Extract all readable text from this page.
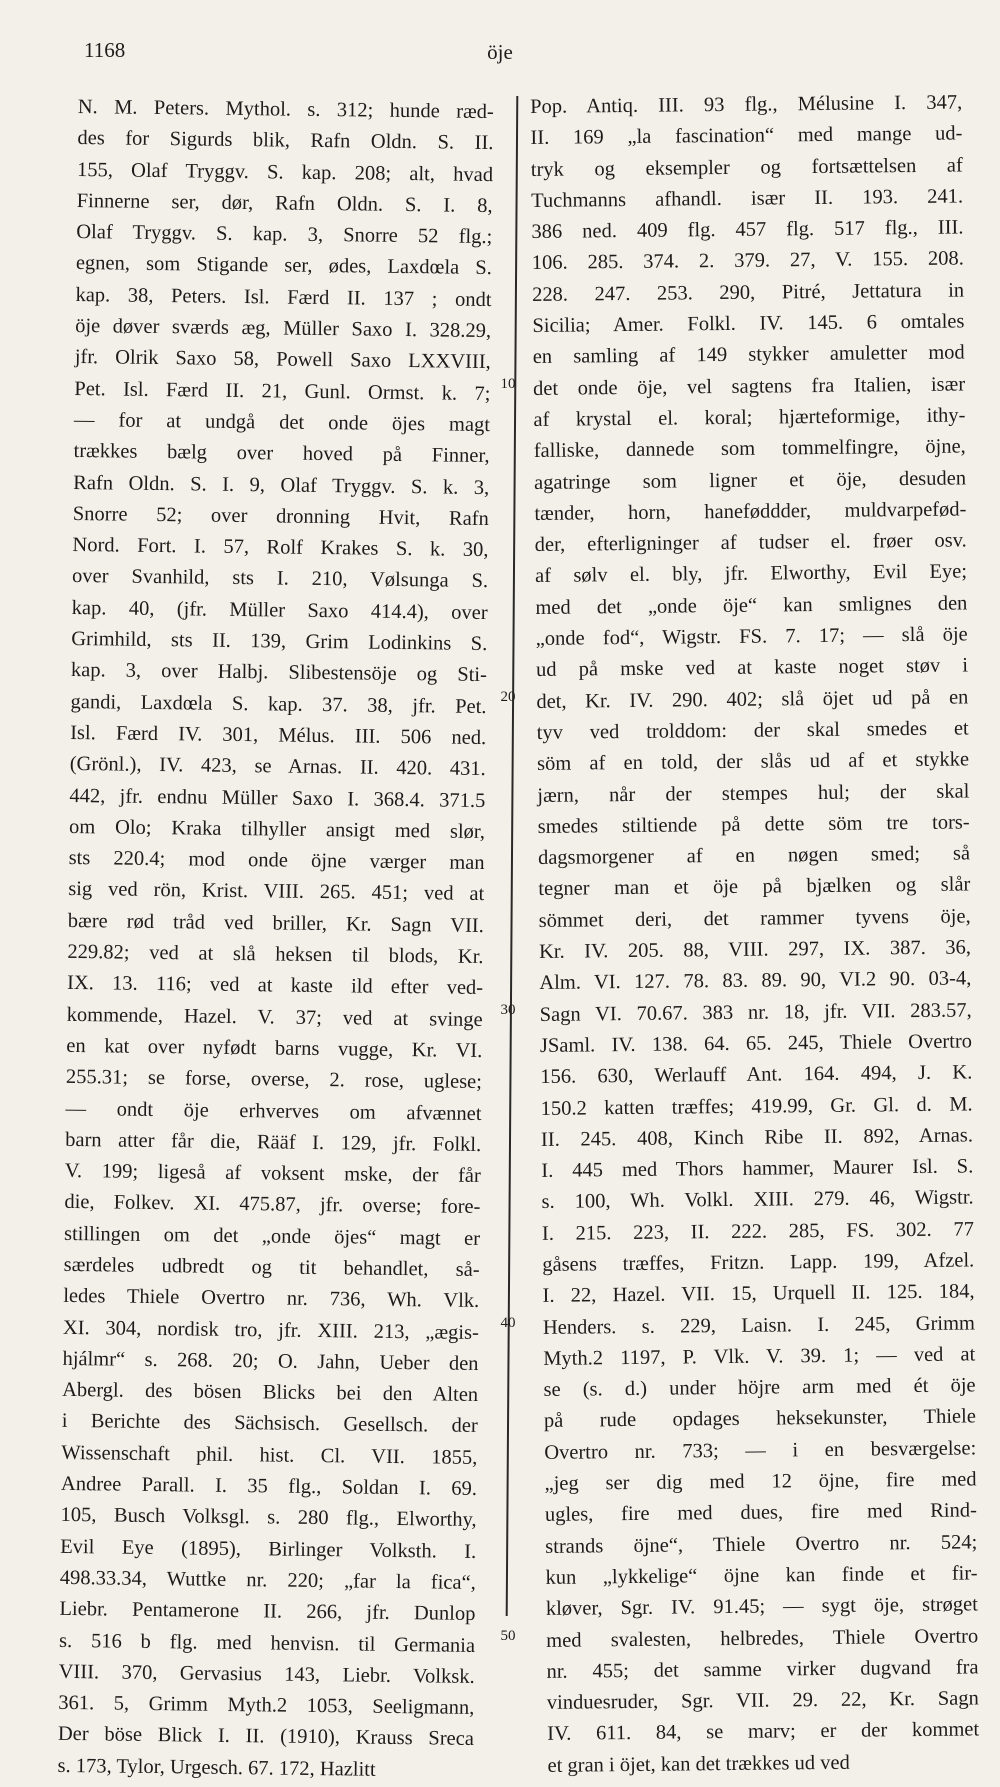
1168	öje
N. M. Peters. Mythol. s. 312; hunde ræd-
des for Sigurds blik, Rafn Oldn. S. II.
155, Olaf Tryggv. S. kap. 208; alt, hvad
Finnerne ser, dør, Rafn Oldn. S. I. 8,
Olaf Tryggv. S. kap. 3, Snorre 52 flg.;
egnen, som Stigande ser, ødes, Laxdœla S.
kap. 38, Peters. Isl. Færd II. 137 ; ondt
öje døver sværds æg, Müller Saxo I. 328.29,
jfr. Olrik Saxo 58, Powell Saxo LXXVIII,
Pet. Isl. Færd II. 21, Gunl. Ormst. k. 7;
— for at undgå det onde öjes magt
trækkes bælg over hoved på Finner,
Rafn Oldn. S. I. 9, Olaf Tryggv. S. k. 3,
Snorre 52; over dronning Hvit, Rafn
Nord. Fort. I. 57, Rolf Krakes S. k. 30,
over Svanhild, sts I. 210, Vølsunga S.
kap. 40, (jfr. Müller Saxo 414.4), over
Grimhild, sts II. 139, Grim Lodinkins S.
kap. 3, over Halbj. Slibestensöje og Sti-
gandi, Laxdœla S. kap. 37. 38, jfr. Pet.
Isl. Færd IV. 301, Mélus. III. 506 ned.
(Grönl.), IV. 423, se Arnas. II. 420. 431.
442, jfr. endnu Müller Saxo I. 368.4. 371.5
om Olo; Kraka tilhyller ansigt med slør,
sts 220.4; mod onde öjne værger man
sig ved rön, Krist. VIII. 265. 451; ved at
bære rød tråd ved briller, Kr. Sagn VII.
229.82; ved at slå heksen til blods, Kr.
IX. 13. 116; ved at kaste ild efter ved-
kommende, Hazel. V. 37; ved at svinge
en kat over nyfødt barns vugge, Kr. VI.
255.31; se forse, overse, 2. rose, uglese;
— ondt öje erhverves om afvænnet
barn atter får die, Rääf I. 129, jfr. Folkl.
V. 199; ligeså af voksent mske, der får
die, Folkev. XI. 475.87, jfr. overse; fore-
stillingen om det „onde öjes“ magt er
særdeles udbredt og tit behandlet, så-
ledes Thiele Overtro nr. 736, Wh. Vlk.
XI. 304, nordisk tro, jfr. XIII. 213, „ægis-
hjálmr“ s. 268. 20; O. Jahn, Ueber den
Abergl. des bösen Blicks bei den Alten
i Berichte des Sächsisch. Gesellsch. der
Wissenschaft phil. hist. Cl. VII. 1855,
Andree Parall. I. 35 flg., Soldan I. 69.
105, Busch Volksgl. s. 280 flg., Elworthy,
Evil Eye (1895), Birlinger Volksth. I.
498.33.34, Wuttke nr. 220; „far la fica“,
Liebr. Pentamerone II. 266, jfr. Dunlop
s. 516 b flg. med henvisn. til Germania
VIII. 370, Gervasius 143, Liebr. Volksk.
361. 5, Grimm Myth.2 1053, Seeligmann,
Der böse Blick I. II. (1910), Krauss Sreca
s. 173, Tylor, Urgesch. 67. 172, Hazlitt
10
20
30
40
50
Pop. Antiq. III. 93 flg., Mélusine I. 347,
II. 169 „la fascination“ med mange ud-
tryk og eksempler og fortsættelsen af
Tuchmanns afhandl. især II. 193. 241.
386 ned. 409 flg. 457 flg. 517 flg., III.
106. 285. 374. 2. 379. 27, V. 155. 208.
228. 247. 253. 290, Pitré, Jettatura in
Sicilia; Amer. Folkl. IV. 145. 6 omtales
en samling af 149 stykker amuletter mod
det onde öje, vel sagtens fra Italien, især
af krystal el. koral; hjærteformige, ithy-
falliske, dannede som tommelfingre, öjne,
agatringe som ligner et öje, desuden
tænder, horn, haneføddder, muldvarpefød-
der, efterligninger af tudser el. frøer osv.
af sølv el. bly, jfr. Elworthy, Evil Eye;
med det „onde öje“ kan smlignes den
„onde fod“, Wigstr. FS. 7. 17; — slå öje
ud på mske ved at kaste noget støv i
det, Kr. IV. 290. 402; slå öjet ud på en
tyv ved trolddom: der skal smedes et
söm af en told, der slås ud af et stykke
jærn, når der stempes hul; der skal
smedes stiltiende på dette söm tre tors-
dagsmorgener af en nøgen smed; så
tegner man et öje på bjælken og slår
sömmet deri, det rammer tyvens öje,
Kr. IV. 205. 88, VIII. 297, IX. 387. 36,
Alm. VI. 127. 78. 83. 89. 90, VI.2 90. 03-4,
Sagn VI. 70.67. 383 nr. 18, jfr. VII. 283.57,
JSaml. IV. 138. 64. 65. 245, Thiele Overtro
156. 630, Werlauff Ant. 164. 494, J. K.
150.2 katten træffes; 419.99, Gr. Gl. d. M.
II. 245. 408, Kinch Ribe II. 892, Arnas.
I. 445 med Thors hammer, Maurer Isl. S.
s. 100, Wh. Volkl. XIII. 279. 46, Wigstr.
I. 215. 223, II. 222. 285, FS. 302. 77
gåsens træffes, Fritzn. Lapp. 199, Afzel.
I. 22, Hazel. VII. 15, Urquell II. 125. 184,
Henders. s. 229, Laisn. I. 245, Grimm
Myth.2 1197, P. Vlk. V. 39. 1; — ved at
se (s. d.) under höjre arm med ét öje
på rude opdages heksekunster, Thiele
Overtro nr. 733; — i en besværgelse:
„jeg ser dig med 12 öjne, fire med
ugles, fire med dues, fire med Rind-
strands öjne“, Thiele Overtro nr. 524;
kun „lykkelige“ öjne kan finde et fir-
kløver, Sgr. IV. 91.45; — sygt öje, strøget
med svalesten, helbredes, Thiele Overtro
nr. 455; det samme virker dugvand fra
vinduesruder, Sgr. VII. 29. 22, Kr. Sagn
IV. 611. 84, se marv; er der kommet
et gran i öjet, kan det trækkes ud ved
